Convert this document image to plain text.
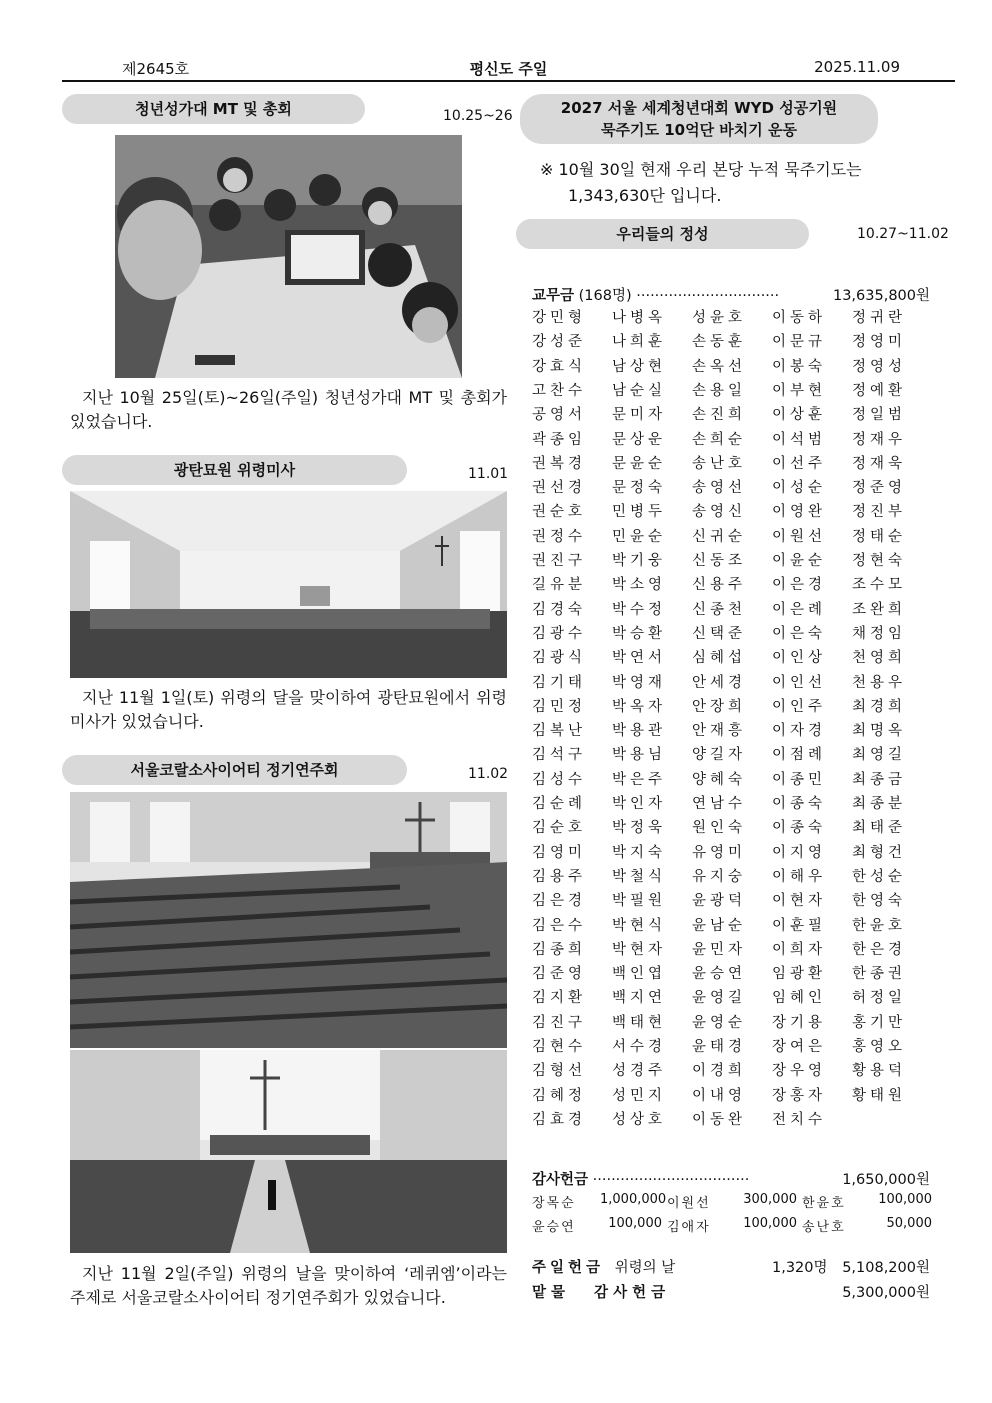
제2645호	평신도 주일	2025.11.09
청년성가대 MT 및 총회	10.25~26
지난 10월 25일(토)~26일(주일) 청년성가대 MT 및 총회가 있었습니다.
광탄묘원 위령미사	11.01
지난 11월 1일(토) 위령의 달을 맞이하여 광탄묘원에서 위령미사가 있었습니다.
서울코랄소사이어티 정기연주회	11.02
지난 11월 2일(주일) 위령의 날을 맞이하여 ‘레퀴엠’이라는 주제로 서울코랄소사이어티 정기연주회가 있었습니다.
2027 서울 세계청년대회 WYD 성공기원
묵주기도 10억단 바치기 운동
※ 10월 30일 현재 우리 본당 누적 묵주기도는
1,343,630단 입니다.
우리들의 정성	10.27~11.02
교무금 (168명) ·······························	13,635,800원
강민형 나병옥 성윤호 이동하 정귀란
강성준 나희훈 손동훈 이문규 정영미
강효식 남상현 손옥선 이봉숙 정영성
고찬수 남순실 손용일 이부현 정예환
공영서 문미자 손진희 이상훈 정일범
곽종임 문상운 손희순 이석범 정재우
권복경 문윤순 송난호 이선주 정재욱
권선경 문정숙 송영선 이성순 정준영
권순호 민병두 송영신 이영완 정진부
권정수 민윤순 신귀순 이원선 정태순
권진구 박기웅 신동조 이윤순 정현숙
길유분 박소영 신용주 이은경 조수모
김경숙 박수정 신종천 이은례 조완희
김광수 박승환 신택준 이은숙 채정임
김광식 박연서 심혜섭 이인상 천영희
김기태 박영재 안세경 이인선 천용우
김민정 박옥자 안장희 이인주 최경희
김복난 박용관 안재흥 이자경 최명옥
김석구 박용님 양길자 이점례 최영길
김성수 박은주 양혜숙 이종민 최종금
김순례 박인자 연남수 이종숙 최종분
김순호 박정욱 원인숙 이종숙 최태준
김영미 박지숙 유영미 이지영 최형건
김용주 박철식 유지숭 이해우 한성순
김은경 박필원 윤광덕 이현자 한영숙
김은수 박현식 윤남순 이훈필 한윤호
김종희 박현자 윤민자 이희자 한은경
김준영 백인엽 윤승연 임광환 한종권
김지환 백지연 윤영길 임혜인 허정일
김진구 백태현 윤영순 장기용 홍기만
김현수 서수경 윤태경 장여은 홍영오
김형선 성경주 이경희 장우영 황용덕
김혜정 성민지 이내영 장홍자 황태원
김효경 성상호 이동완 전치수
감사헌금 ··································	1,650,000원
장목순 1,000,000 이원선	300,000 한윤호	100,000
윤승연	100,000 김애자	100,000 송난호	50,000
주일헌금 위령의 날	1,320명 5,108,200원
맡물 감사헌금	5,300,000원
